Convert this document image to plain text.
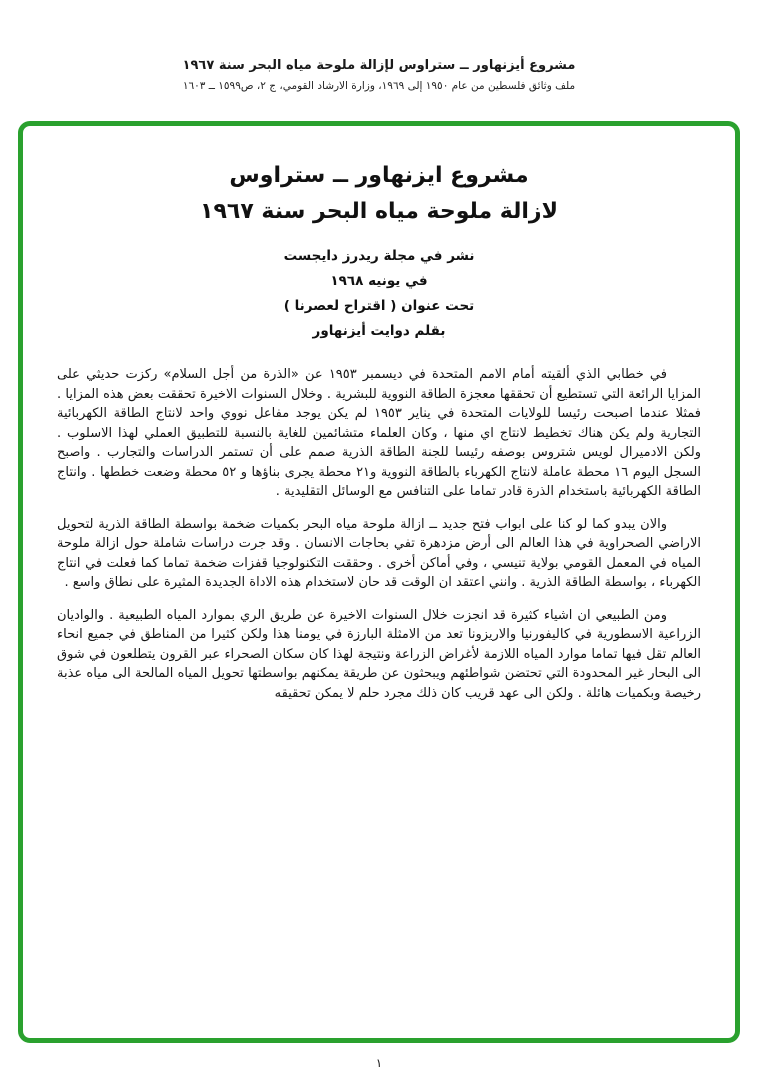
مشروع أيزنهاور ــ ستراوس لإزالة ملوحة مياه البحر سنة ١٩٦٧
ملف وثائق فلسطين من عام ١٩٥٠ إلى ١٩٦٩، وزارة الارشاد القومي، ج ٢، ص١٥٩٩ ــ ١٦٠٣
مشروع ايزنهاور ــ ستراوس
لازالة ملوحة مياه البحر سنة ١٩٦٧
نشر في مجلة ريدرز دايجست
في يونيه ١٩٦٨
تحت عنوان ( اقتراح لعصرنا )
بقلم دوايت أيزنهاور

في خطابي الذي ألقيته أمام الامم المتحدة في ديسمبر ١٩٥٣ عن «الذرة من أجل السلام» ركزت حديثي على المزايا الرائعة التي تستطيع أن تحققها معجزة الطاقة النووية للبشرية . وخلال السنوات الاخيرة تحققت بعض هذه المزايا . فمثلا عندما اصبحت رئيسا للولايات المتحدة في يناير ١٩٥٣ لم يكن يوجد مفاعل نووي واحد لانتاج الطاقة الكهربائية التجارية ولم يكن هناك تخطيط لانتاج اي منها ، وكان العلماء متشائمين للغاية بالنسبة للتطبيق العملي لهذا الاسلوب . ولكن الادميرال لويس شتروس بوصفه رئيسا للجنة الطاقة الذرية صمم على أن تستمر الدراسات والتجارب . واصبح السجل اليوم ١٦ محطة عاملة لانتاج الكهرباء بالطاقة النووية و٢١ محطة يجرى بناؤها و ٥٢ محطة وضعت خططها . وانتاج الطاقة الكهربائية باستخدام الذرة قادر تماما على التنافس مع الوسائل التقليدية .

والان يبدو كما لو كنا على ابواب فتح جديد ــ ازالة ملوحة مياه البحر بكميات ضخمة بواسطة الطاقة الذرية لتحويل الاراضي الصحراوية في هذا العالم الى أرض مزدهرة تفي بحاجات الانسان . وقد جرت دراسات شاملة حول ازالة ملوحة المياه في المعمل القومي بولاية تنيسي ، وفي أماكن أخرى . وحققت التكنولوجيا قفزات ضخمة تماما كما فعلت في انتاج الكهرباء ، بواسطة الطاقة الذرية . وانني اعتقد ان الوقت قد حان لاستخدام هذه الاداة الجديدة المثيرة على نطاق واسع .

ومن الطبيعي ان اشياء كثيرة قد انجزت خلال السنوات الاخيرة عن طريق الري بموارد المياه الطبيعية . والواديان الزراعية الاسطورية في كاليفورنيا والاريزونا تعد من الامثلة البارزة في يومنا هذا ولكن كثيرا من المناطق في جميع انحاء العالم تقل فيها تماما موارد المياه اللازمة لأغراض الزراعة ونتيجة لهذا كان سكان الصحراء عبر القرون يتطلعون في شوق الى البحار غير المحدودة التي تحتضن شواطئهم ويبحثون عن طريقة يمكنهم بواسطتها تحويل المياه المالحة الى مياه عذبة رخيصة وبكميات هائلة . ولكن الى عهد قريب كان ذلك مجرد حلم لا يمكن تحقيقه

١
